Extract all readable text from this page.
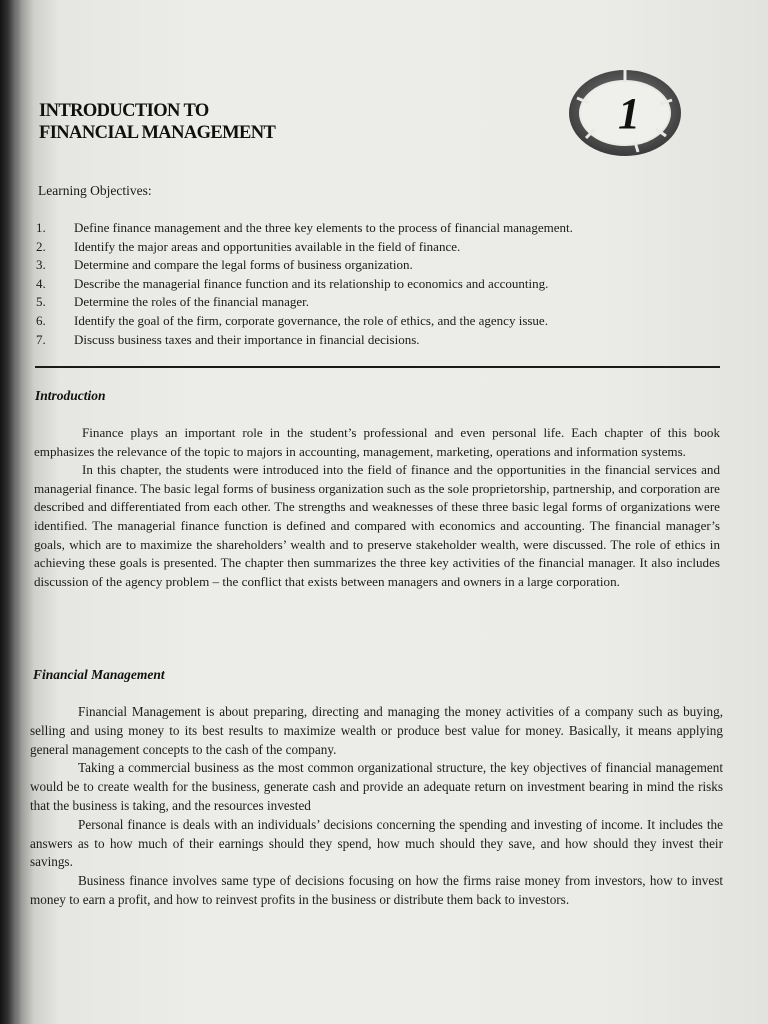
INTRODUCTION TO
FINANCIAL MANAGEMENT	1
Learning Objectives:
1.	Define finance management and the three key elements to the process of financial management.
2.	Identify the major areas and opportunities available in the field of finance.
3.	Determine and compare the legal forms of business organization.
4.	Describe the managerial finance function and its relationship to economics and accounting.
5.	Determine the roles of the financial manager.
6.	Identify the goal of the firm, corporate governance, the role of ethics, and the agency issue.
7.	Discuss business taxes and their importance in financial decisions.
Introduction

Finance plays an important role in the student’s professional and even personal life. Each chapter of this book emphasizes the relevance of the topic to majors in accounting, management, marketing, operations and information systems.

In this chapter, the students were introduced into the field of finance and the opportunities in the financial services and managerial finance. The basic legal forms of business organization such as the sole proprietorship, partnership, and corporation are described and differentiated from each other. The strengths and weaknesses of these three basic legal forms of organizations were identified. The managerial finance function is defined and compared with economics and accounting. The financial manager’s goals, which are to maximize the shareholders’ wealth and to preserve stakeholder wealth, were discussed. The role of ethics in achieving these goals is presented. The chapter then summarizes the three key activities of the financial manager. It also includes discussion of the agency problem – the conflict that exists between managers and owners in a large corporation.

Financial Management

Financial Management is about preparing, directing and managing the money activities of a company such as buying, selling and using money to its best results to maximize wealth or produce best value for money. Basically, it means applying general management concepts to the cash of the company.

Taking a commercial business as the most common organizational structure, the key objectives of financial management would be to create wealth for the business, generate cash and provide an adequate return on investment bearing in mind the risks that the business is taking, and the resources invested

Personal finance is deals with an individuals’ decisions concerning the spending and investing of income. It includes the answers as to how much of their earnings should they spend, how much should they save, and how should they invest their savings.

Business finance involves same type of decisions focusing on how the firms raise money from investors, how to invest money to earn a profit, and how to reinvest profits in the business or distribute them back to investors.
